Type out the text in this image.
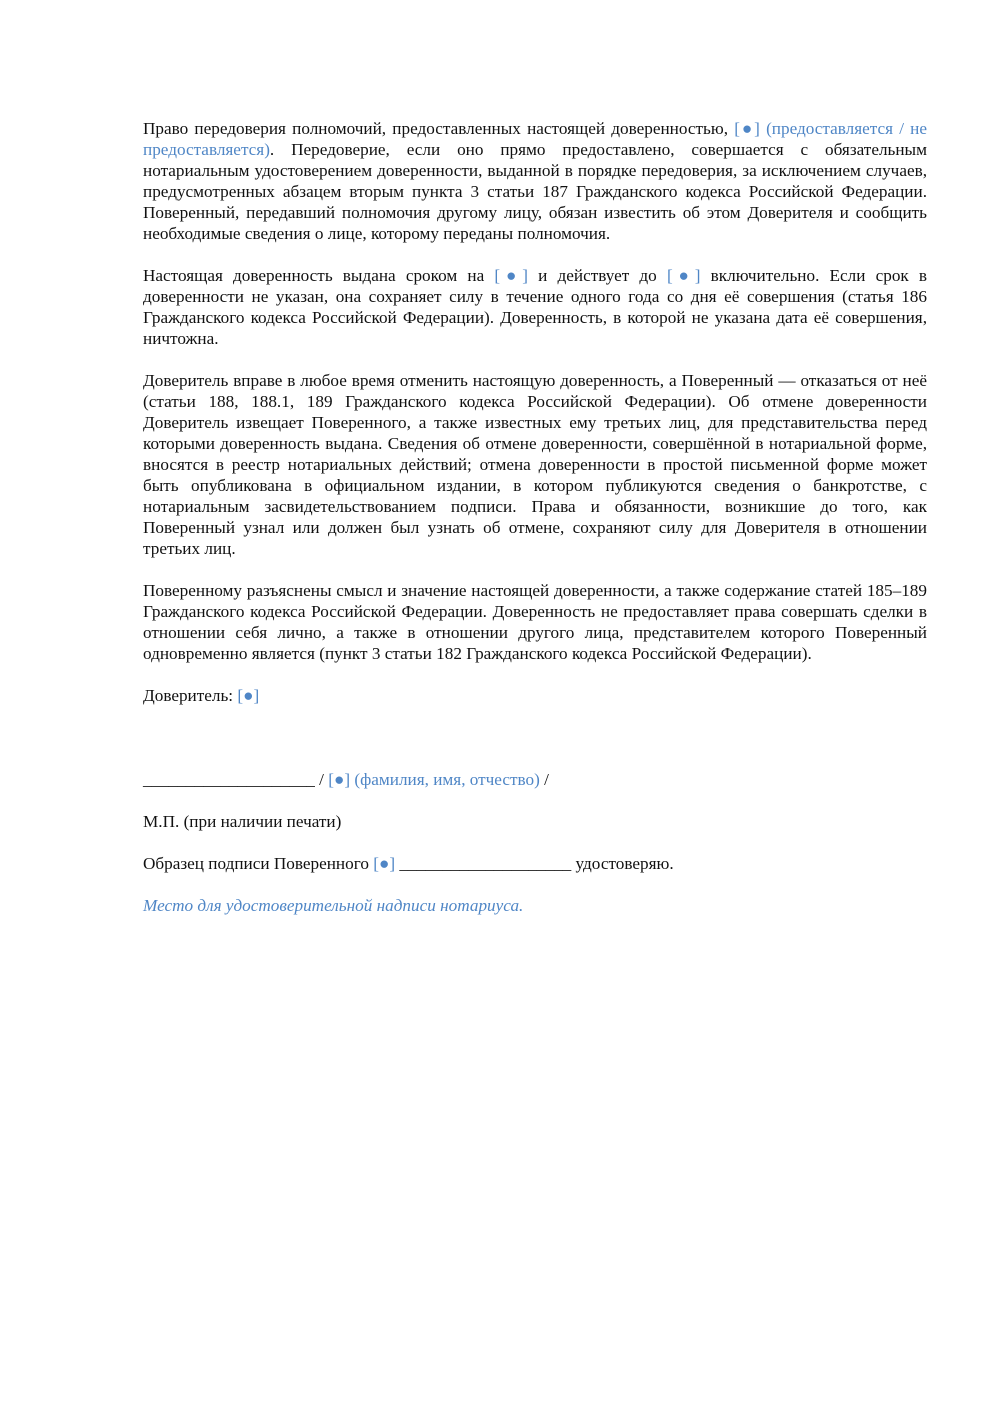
Право передоверия полномочий, предоставленных настоящей доверенностью, [●] (предоставляется / не предоставляется). Передоверие, если оно прямо предоставлено, совершается с обязательным нотариальным удостоверением доверенности, выданной в порядке передоверия, за исключением случаев, предусмотренных абзацем вторым пункта 3 статьи 187 Гражданского кодекса Российской Федерации. Поверенный, передавший полномочия другому лицу, обязан известить об этом Доверителя и сообщить необходимые сведения о лице, которому переданы полномочия.

Настоящая доверенность выдана сроком на [●] и действует до [●] включительно. Если срок в доверенности не указан, она сохраняет силу в течение одного года со дня её совершения (статья 186 Гражданского кодекса Российской Федерации). Доверенность, в которой не указана дата её совершения, ничтожна.

Доверитель вправе в любое время отменить настоящую доверенность, а Поверенный — отказаться от неё (статьи 188, 188.1, 189 Гражданского кодекса Российской Федерации). Об отмене доверенности Доверитель извещает Поверенного, а также известных ему третьих лиц, для представительства перед которыми доверенность выдана. Сведения об отмене доверенности, совершённой в нотариальной форме, вносятся в реестр нотариальных действий; отмена доверенности в простой письменной форме может быть опубликована в официальном издании, в котором публикуются сведения о банкротстве, с нотариальным засвидетельствованием подписи. Права и обязанности, возникшие до того, как Поверенный узнал или должен был узнать об отмене, сохраняют силу для Доверителя в отношении третьих лиц.

Поверенному разъяснены смысл и значение настоящей доверенности, а также содержание статей 185–189 Гражданского кодекса Российской Федерации. Доверенность не предоставляет права совершать сделки в отношении себя лично, а также в отношении другого лица, представителем которого Поверенный одновременно является (пункт 3 статьи 182 Гражданского кодекса Российской Федерации).

Доверитель: [●]

____________________ / [●] (фамилия, имя, отчество) /

М.П. (при наличии печати)

Образец подписи Поверенного [●] ____________________ удостоверяю.

Место для удостоверительной надписи нотариуса.
